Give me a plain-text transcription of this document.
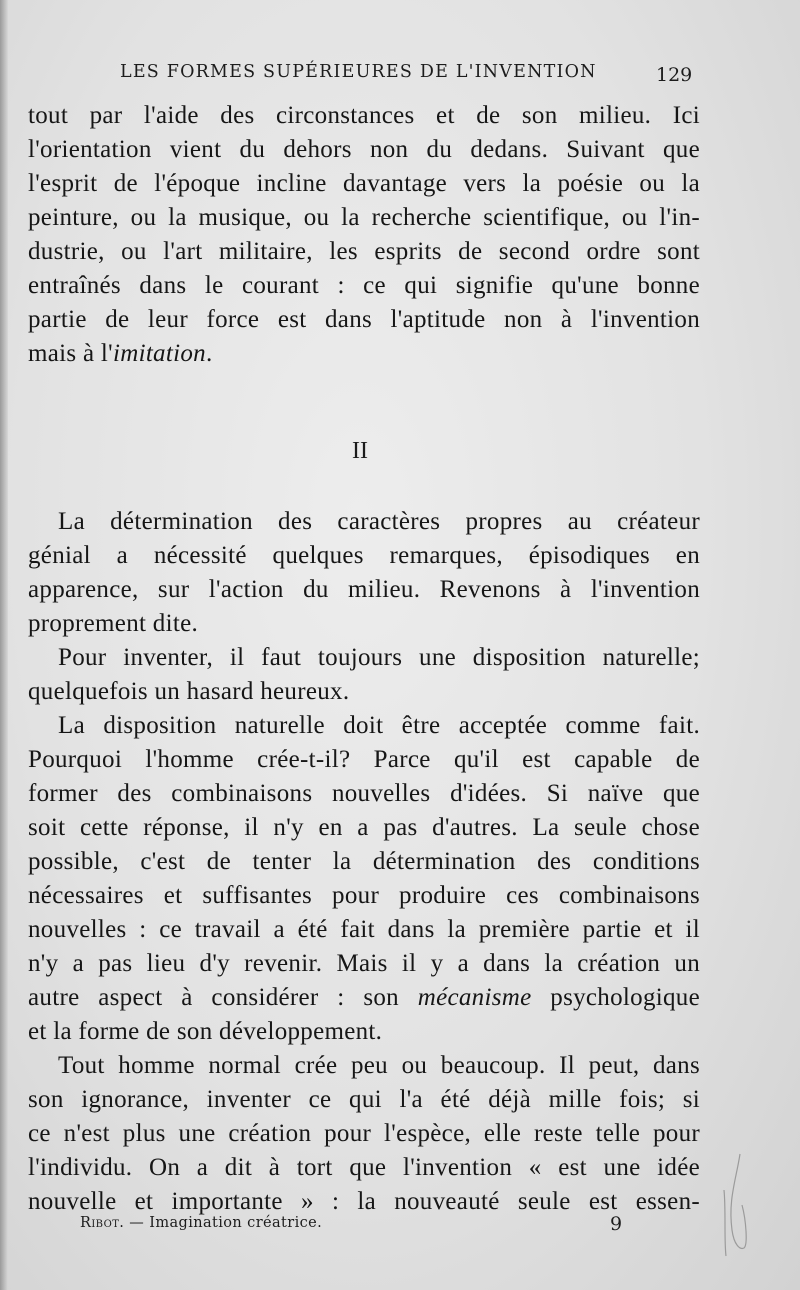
LES FORMES SUPÉRIEURES DE L'INVENTION	129
tout par l'aide des circonstances et de son milieu. Ici
l'orientation vient du dehors non du dedans. Suivant que
l'esprit de l'époque incline davantage vers la poésie ou la
peinture, ou la musique, ou la recherche scientifique, ou l'in-
dustrie, ou l'art militaire, les esprits de second ordre sont
entraînés dans le courant : ce qui signifie qu'une bonne
partie de leur force est dans l'aptitude non à l'invention
mais à l'imitation.
II
La détermination des caractères propres au créateur
génial a nécessité quelques remarques, épisodiques en
apparence, sur l'action du milieu. Revenons à l'invention
proprement dite.
Pour inventer, il faut toujours une disposition naturelle;
quelquefois un hasard heureux.
La disposition naturelle doit être acceptée comme fait.
Pourquoi l'homme crée-t-il? Parce qu'il est capable de
former des combinaisons nouvelles d'idées. Si naïve que
soit cette réponse, il n'y en a pas d'autres. La seule chose
possible, c'est de tenter la détermination des conditions
nécessaires et suffisantes pour produire ces combinaisons
nouvelles : ce travail a été fait dans la première partie et il
n'y a pas lieu d'y revenir. Mais il y a dans la création un
autre aspect à considérer : son mécanisme psychologique
et la forme de son développement.
Tout homme normal crée peu ou beaucoup. Il peut, dans
son ignorance, inventer ce qui l'a été déjà mille fois; si
ce n'est plus une création pour l'espèce, elle reste telle pour
l'individu. On a dit à tort que l'invention « est une idée
nouvelle et importante » : la nouveauté seule est essen-
Ribot. — Imagination créatrice.	9
